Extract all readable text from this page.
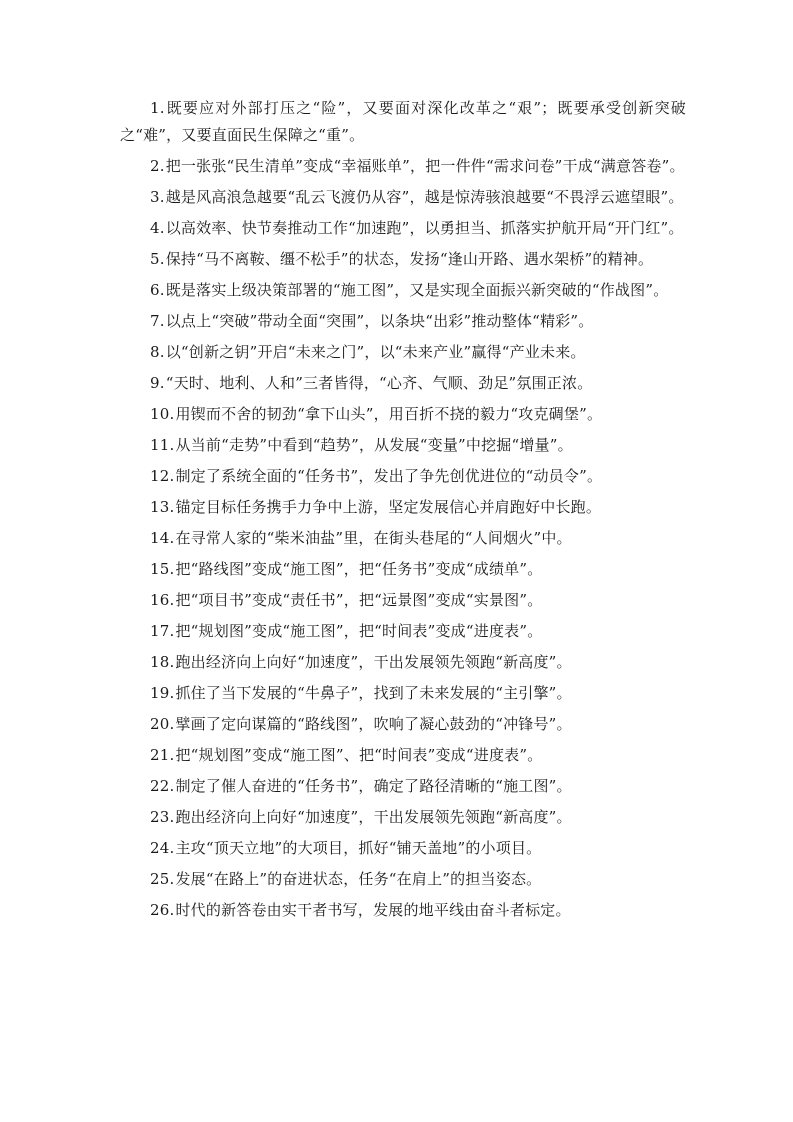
1.既要应对外部打压之“险”，又要面对深化改革之“艰”；既要承受创新突破之“难”，又要直面民生保障之“重”。

2.把一张张“民生清单”变成“幸福账单”，把一件件“需求问卷”干成“满意答卷”。

3.越是风高浪急越要“乱云飞渡仍从容”，越是惊涛骇浪越要“不畏浮云遮望眼”。

4.以高效率、快节奏推动工作“加速跑”，以勇担当、抓落实护航开局“开门红”。

5.保持“马不离鞍、缰不松手”的状态，发扬“逢山开路、遇水架桥”的精神。

6.既是落实上级决策部署的“施工图”，又是实现全面振兴新突破的“作战图”。

7.以点上“突破”带动全面“突围”，以条块“出彩”推动整体“精彩”。

8.以“创新之钥”开启“未来之门”，以“未来产业”赢得“产业未来。

9.“天时、地利、人和”三者皆得，“心齐、气顺、劲足”氛围正浓。

10.用锲而不舍的韧劲“拿下山头”，用百折不挠的毅力“攻克碉堡”。

11.从当前“走势”中看到“趋势”，从发展“变量”中挖掘“增量”。

12.制定了系统全面的“任务书”，发出了争先创优进位的“动员令”。

13.锚定目标任务携手力争中上游，坚定发展信心并肩跑好中长跑。

14.在寻常人家的“柴米油盐”里，在街头巷尾的“人间烟火”中。

15.把“路线图”变成“施工图”，把“任务书”变成“成绩单”。

16.把“项目书”变成“责任书”，把“远景图”变成“实景图”。

17.把“规划图”变成“施工图”，把“时间表”变成“进度表”。

18.跑出经济向上向好“加速度”，干出发展领先领跑“新高度”。

19.抓住了当下发展的“牛鼻子”，找到了未来发展的“主引擎”。

20.擘画了定向谋篇的“路线图”，吹响了凝心鼓劲的“冲锋号”。

21.把“规划图”变成“施工图”、把“时间表”变成“进度表”。

22.制定了催人奋进的“任务书”，确定了路径清晰的“施工图”。

23.跑出经济向上向好“加速度”，干出发展领先领跑“新高度”。

24.主攻“顶天立地”的大项目，抓好“铺天盖地”的小项目。

25.发展“在路上”的奋进状态，任务“在肩上”的担当姿态。

26.时代的新答卷由实干者书写，发展的地平线由奋斗者标定。
